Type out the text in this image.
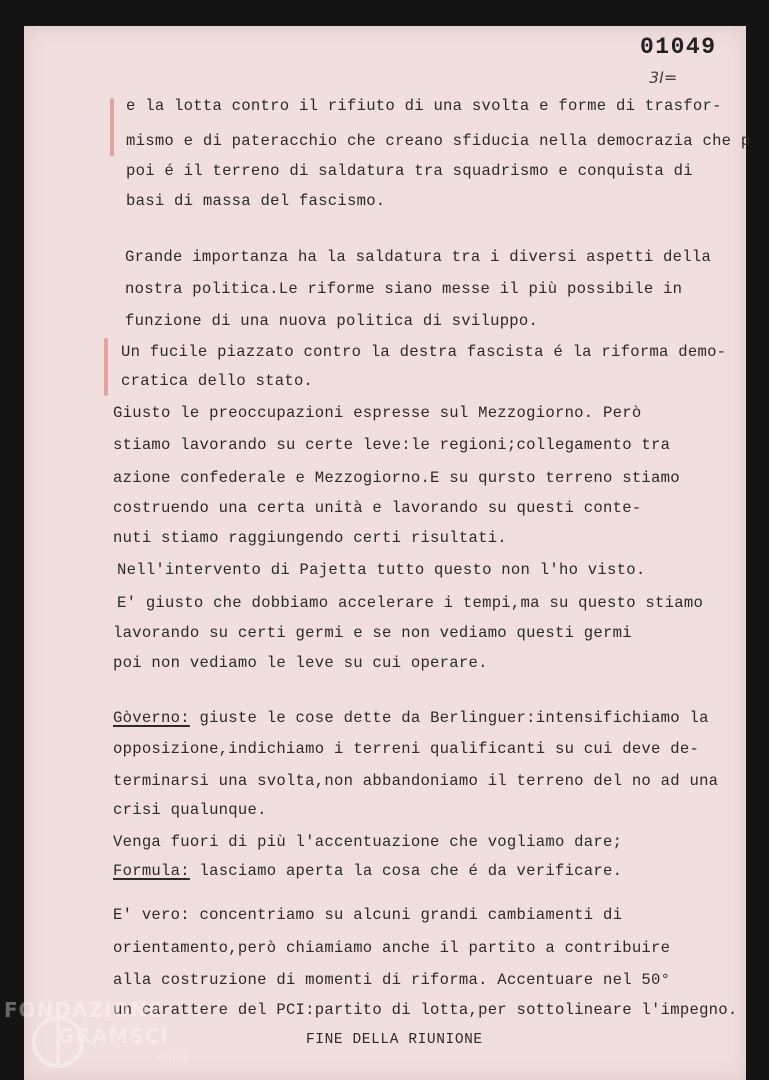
01049
3I=
e la lotta contro il rifiuto di una svolta e forme di trasfor-
mismo e di pateracchio che creano sfiducia nella democrazia che p
poi é il terreno di saldatura tra squadrismo e conquista di
basi di massa del fascismo.
Grande importanza ha la saldatura tra i diversi aspetti della
nostra politica.Le riforme siano messe il più possibile in
funzione di una nuova politica di sviluppo.
Un fucile piazzato contro la destra fascista é la riforma demo-
cratica dello stato.
Giusto le preoccupazioni espresse sul Mezzogiorno. Però
stiamo lavorando su certe leve:le regioni;collegamento tra
azione confederale e Mezzogiorno.E su qursto terreno stiamo
costruendo una certa unità e lavorando su questi conte-
nuti stiamo raggiungendo certi risultati.
Nell'intervento di Pajetta tutto questo non l'ho visto.
E' giusto che dobbiamo accelerare i tempi,ma su questo stiamo
lavorando su certi germi e se non vediamo questi germi
poi non vediamo le leve su cui operare.
Gòverno: giuste le cose dette da Berlinguer:intensifichiamo la
opposizione,indichiamo i terreni qualificanti su cui deve de-
terminarsi una svolta,non abbandoniamo il terreno del no ad una
crisi qualunque.
Venga fuori di più l'accentuazione che vogliamo dare;
Formula: lasciamo aperta la cosa che é da verificare.
E' vero: concentriamo su alcuni grandi cambiamenti di
orientamento,però chiamiamo anche il partito a contribuire
alla costruzione di momenti di riforma. Accentuare nel 50°
un carattere del PCI:partito di lotta,per sottolineare l'impegno.
FINE DELLA RIUNIONE
FONDAZIONE
GRAMSCI
onlus
